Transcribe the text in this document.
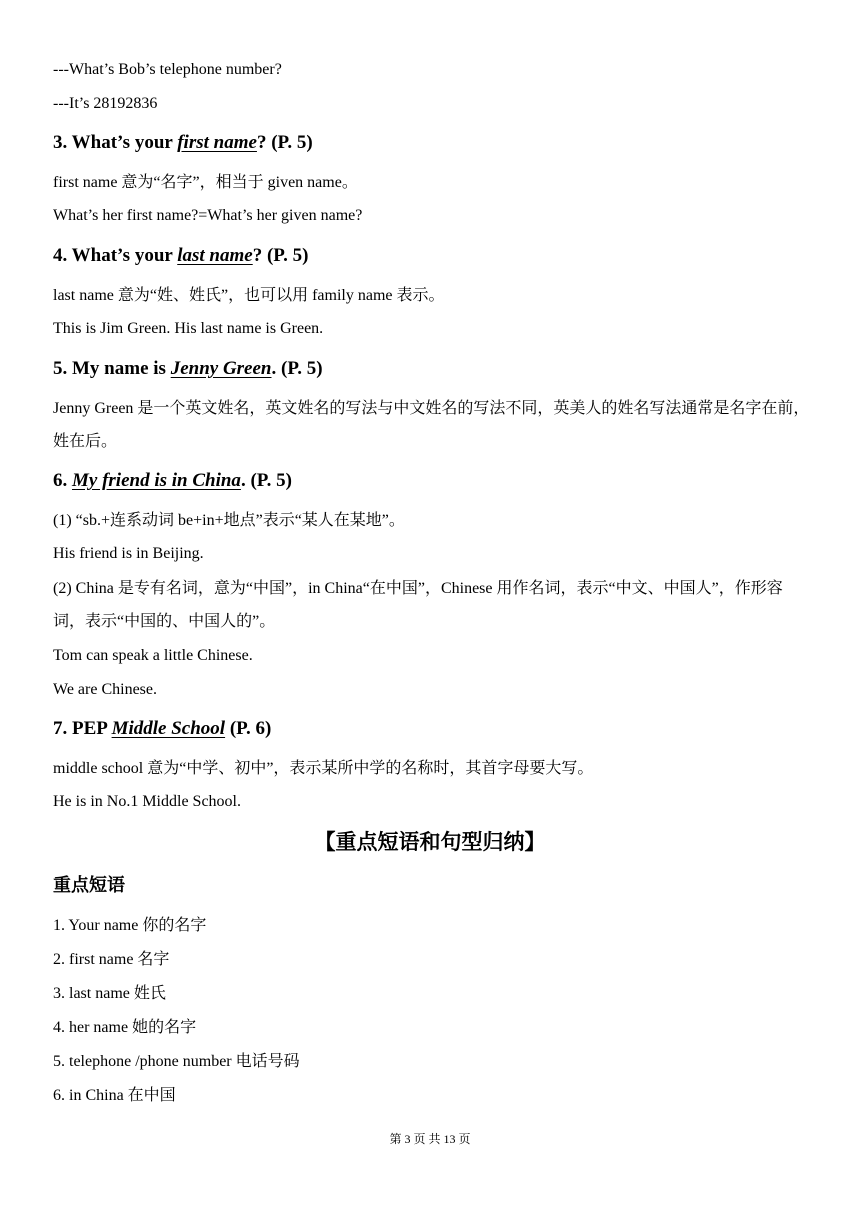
---What’s Bob’s telephone number?
---It’s 28192836
3. What’s your first name? (P. 5)
first name 意为“名字”，相当于 given name。
What’s her first name?=What’s her given name?
4. What’s your last name? (P. 5)
last name 意为“姓、姓氏”，也可以用 family name 表示。
This is Jim Green. His last name is Green.
5. My name is Jenny Green. (P. 5)
Jenny Green 是一个英文姓名，英文姓名的写法与中文姓名的写法不同，英美人的姓名写法通常是名字在前，姓在后。
6. My friend is in China. (P. 5)
(1) “sb.+连系动词 be+in+地点”表示“某人在某地”。
His friend is in Beijing.
(2) China 是专有名词，意为“中国”，in China“在中国”，Chinese 用作名词，表示“中文、中国人”，作形容词，表示“中国的、中国人的”。
Tom can speak a little Chinese.
We are Chinese.
7. PEP Middle School (P. 6)
middle school 意为“中学、初中”，表示某所中学的名称时，其首字母要大写。
He is in No.1 Middle School.
【重点短语和句型归纳】
重点短语
1. Your name 你的名字
2. first name 名字
3. last name 姓氏
4. her name 她的名字
5. telephone /phone number 电话号码
6. in China 在中国
第 3 页 共 13 页
